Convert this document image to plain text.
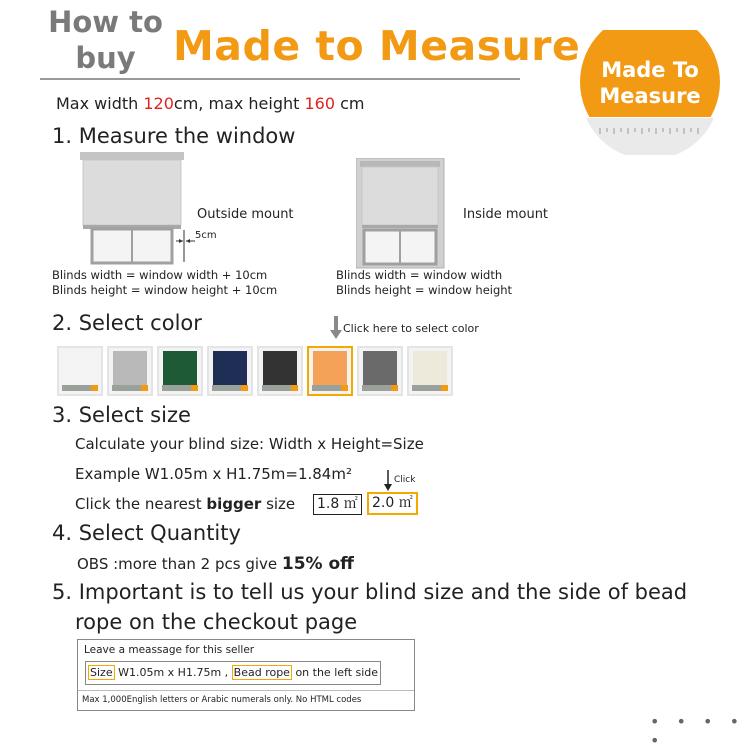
How to
buy Made to Measure Made To
Measure
Max width 120cm, max height 160 cm
1. Measure the window
5cm
Outside mount
Blinds width = window width + 10cm
Blinds height = window height + 10cm
Inside mount
Blinds width = window width
Blinds height = window height
2. Select color	Click here to select color
3. Select size
Calculate your blind size: Width x Height=Size
Example W1.05m x H1.75m=1.84m²
Click the nearest bigger size 1.8 ㎡	2.0 ㎡
Click
4. Select Quantity
OBS :more than 2 pcs give 15% off
5. Important is to tell us your blind size and the side of bead
rope on the checkout page
Leave a meassage for this seller
Size W1.05m x H1.75m , Bead rope on the left side
Max 1,000English letters or Arabic numerals only. No HTML codes
• • • • •
